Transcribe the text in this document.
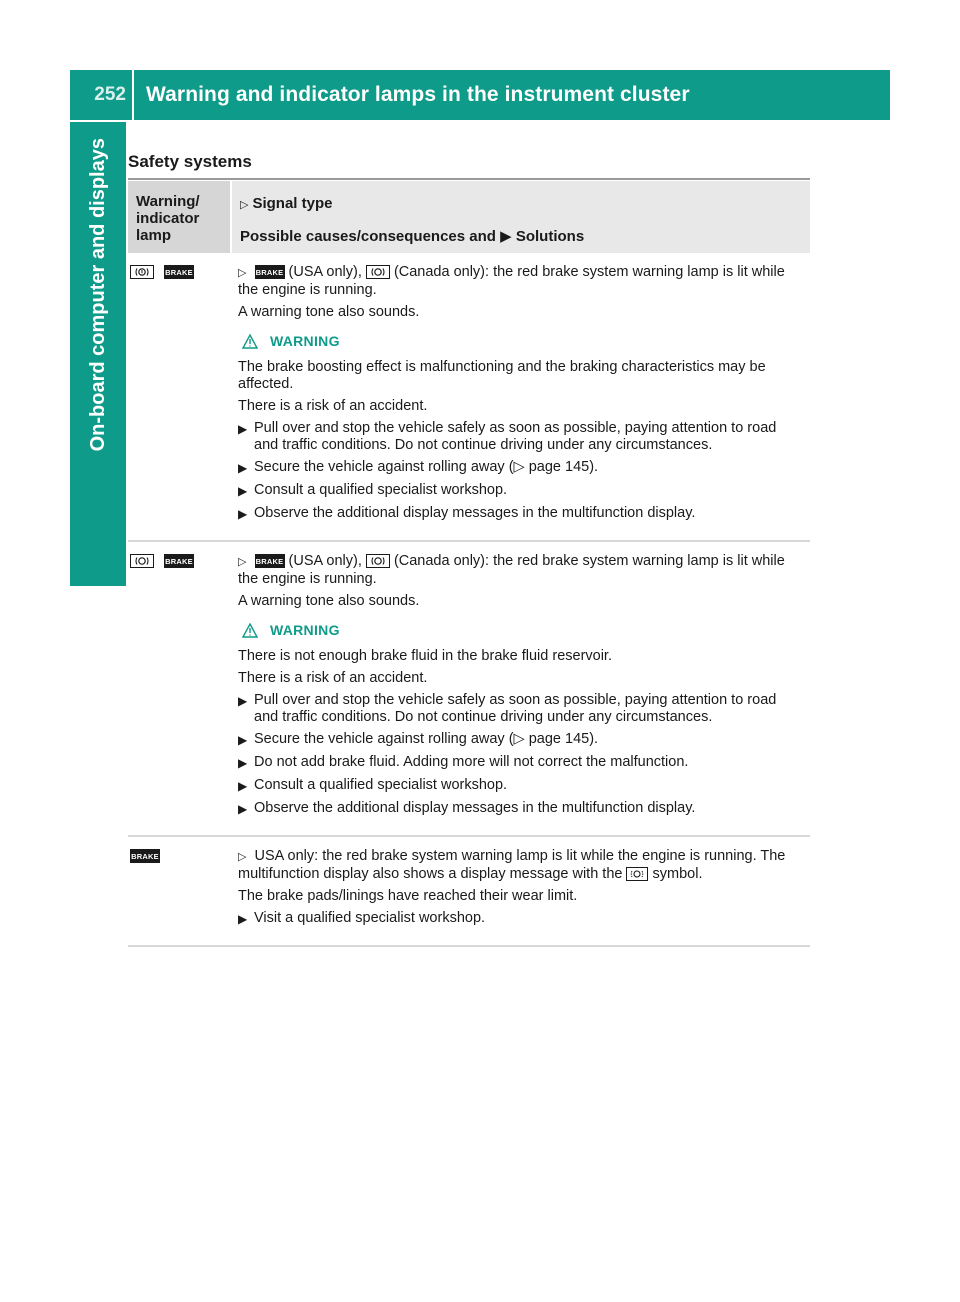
252 Warning and indicator lamps in the instrument cluster
On-board computer and displays Safety systems
Warning/ indicator lamp
▷ Signal type
Possible causes/consequences and ▶ Solutions
BRAKE	▷ BRAKE (USA only), (Canada only): the red brake system warning lamp is lit while the engine is running.

A warning tone also sounds.

WARNING

The brake boosting effect is malfunctioning and the braking characteristics may be affected.

There is a risk of an accident.

▶ Pull over and stop the vehicle safely as soon as possible, paying attention to road and traffic conditions. Do not continue driving under any circumstances.
▶ Secure the vehicle against rolling away (▷ page 145).
▶ Consult a qualified specialist workshop.
▶ Observe the additional display messages in the multifunction display.
BRAKE	▷ BRAKE (USA only), (Canada only): the red brake system warning lamp is lit while the engine is running.

A warning tone also sounds.

WARNING

There is not enough brake fluid in the brake fluid reservoir.

There is a risk of an accident.

▶ Pull over and stop the vehicle safely as soon as possible, paying attention to road and traffic conditions. Do not continue driving under any circumstances.
▶ Secure the vehicle against rolling away (▷ page 145).
▶ Do not add brake fluid. Adding more will not correct the malfunction.
▶ Consult a qualified specialist workshop.
▶ Observe the additional display messages in the multifunction display.
BRAKE	▷ USA only: the red brake system warning lamp is lit while the engine is running. The multifunction display also shows a display message with the symbol.

The brake pads/linings have reached their wear limit.

▶ Visit a qualified specialist workshop.
